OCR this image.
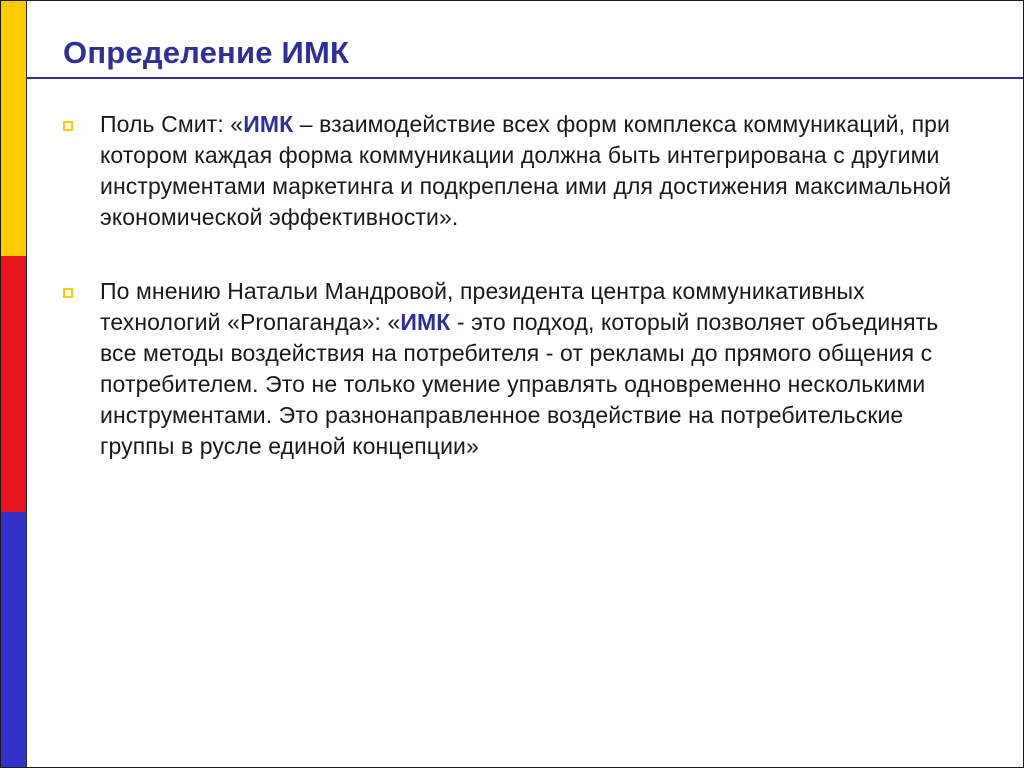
Определение ИМК
Поль Смит: «ИМК – взаимодействие всех форм комплекса коммуникаций, при котором каждая форма коммуникации должна быть интегрирована с другими инструментами маркетинга и подкреплена ими для достижения максимальной экономической эффективности».
По мнению Натальи Мандровой, президента центра коммуникативных технологий «Proпаганда»: «ИМК - это подход, который позволяет объединять все методы воздействия на потребителя - от рекламы до прямого общения с потребителем. Это не только умение управлять одновременно несколькими инструментами. Это разнонаправленное воздействие на потребительские группы в русле единой концепции»
